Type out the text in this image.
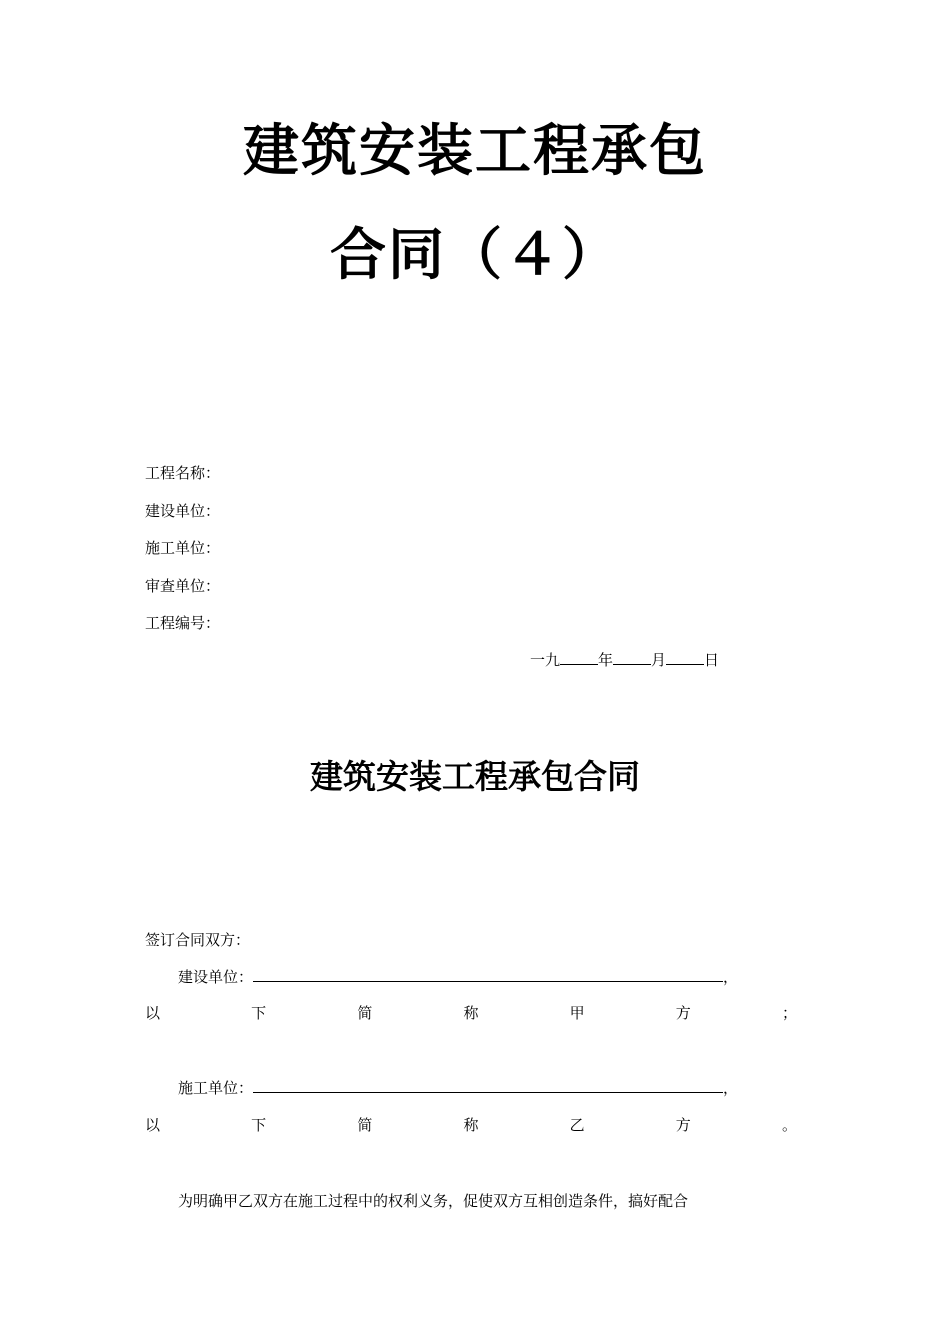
建筑安装工程承包
合同（４）
工程名称：
建设单位：
施工单位：
审查单位：
工程编号：
一九	年	月	日
建筑安装工程承包合同
签订合同双方：
建设单位：	，
以	下	简	称	甲	方	；
施工单位：	，
以	下	简	称	乙	方	。
为明确甲乙双方在施工过程中的权利义务，促使双方互相创造条件，搞好配合
